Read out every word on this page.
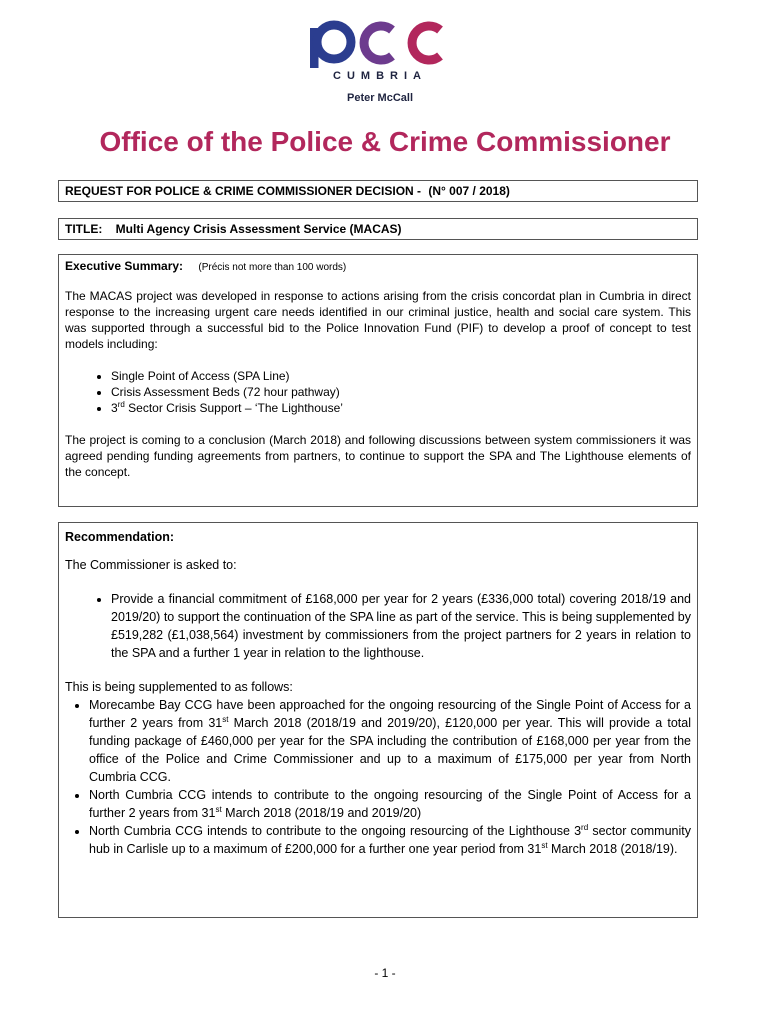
CUMBRIA
Peter McCall
Office of the Police & Crime Commissioner
REQUEST FOR POLICE & CRIME COMMISSIONER DECISION - (N° 007 / 2018)
TITLE: Multi Agency Crisis Assessment Service (MACAS)

Executive Summary: (Précis not more than 100 words)

The MACAS project was developed in response to actions arising from the crisis concordat plan in Cumbria in direct response to the increasing urgent care needs identified in our criminal justice, health and social care system. This was supported through a successful bid to the Police Innovation Fund (PIF) to develop a proof of concept to test models including:

• Single Point of Access (SPA Line)
• Crisis Assessment Beds (72 hour pathway)
• 3rd Sector Crisis Support – ‘The Lighthouse’

The project is coming to a conclusion (March 2018) and following discussions between system commissioners it was agreed pending funding agreements from partners, to continue to support the SPA and The Lighthouse elements of the concept.

Recommendation:

The Commissioner is asked to:

• Provide a financial commitment of £168,000 per year for 2 years (£336,000 total) covering 2018/19 and 2019/20) to support the continuation of the SPA line as part of the service. This is being supplemented by £519,282 (£1,038,564) investment by commissioners from the project partners for 2 years in relation to the SPA and a further 1 year in relation to the lighthouse.

This is being supplemented to as follows:

• Morecambe Bay CCG have been approached for the ongoing resourcing of the Single Point of Access for a further 2 years from 31st March 2018 (2018/19 and 2019/20), £120,000 per year. This will provide a total funding package of £460,000 per year for the SPA including the contribution of £168,000 per year from the office of the Police and Crime Commissioner and up to a maximum of £175,000 per year from North Cumbria CCG.
• North Cumbria CCG intends to contribute to the ongoing resourcing of the Single Point of Access for a further 2 years from 31st March 2018 (2018/19 and 2019/20)
• North Cumbria CCG intends to contribute to the ongoing resourcing of the Lighthouse 3rd sector community hub in Carlisle up to a maximum of £200,000 for a further one year period from 31st March 2018 (2018/19).
- 1 -
